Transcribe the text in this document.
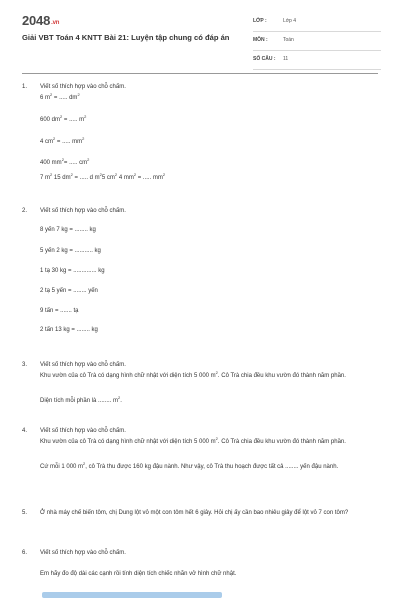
2048.vn
Giải VBT Toán 4 KNTT Bài 21: Luyện tập chung có đáp án
LỚP :	Lớp 4
MÔN :	Toán
SỐ CÂU : 11
1. Viết số thích hợp vào chỗ chấm.
6 $m^2$ = ..... $dm^2$
600 $dm^2$ = ..... $m^2$
4 $cm^2$ = ..... $mm^2$
400 $mm^2=$ ..... $cm^2$
7 $m^2$ 15 $dm^2$ = ..... d $m^25$ $cm^2$ 4 $mm^2$ = ..... $mm^2$
2. Viết số thích hợp vào chỗ chấm.
8 yến 7 kg = ........ kg
5 yến 2 kg = ........... kg
1 tạ 30 kg = .............. kg
2 tạ 5 yến = ........ yến
9 tấn = ....... tạ
2 tấn 13 kg = ........ kg
3. Viết số thích hợp vào chỗ chấm.
Khu vườn của cô Trà có dạng hình chữ nhật với diện tích 5 000 $m^2$. Cô Trà chia đều khu vườn đó thành năm phần.
Diện tích mỗi phần là ........ $m^2$.
4. Viết số thích hợp vào chỗ chấm.
Khu vườn của cô Trà có dạng hình chữ nhật với diện tích 5 000 $m^2$. Cô Trà chia đều khu vườn đó thành năm phần.
Cứ mỗi 1 000 $m^2$, cô Trà thu được 160 kg đậu nành. Như vậy, cô Trà thu hoạch được tất cả ........ yến đậu nành.
5. Ở nhà máy chế biến tôm, chị Dung lột vỏ một con tôm hết 6 giây. Hỏi chị ấy cần bao nhiêu giây để lột vỏ 7 con tôm?
6. Viết số thích hợp vào chỗ chấm.
Em hãy đo độ dài các cạnh rồi tính diện tích chiếc nhãn vở hình chữ nhật.
